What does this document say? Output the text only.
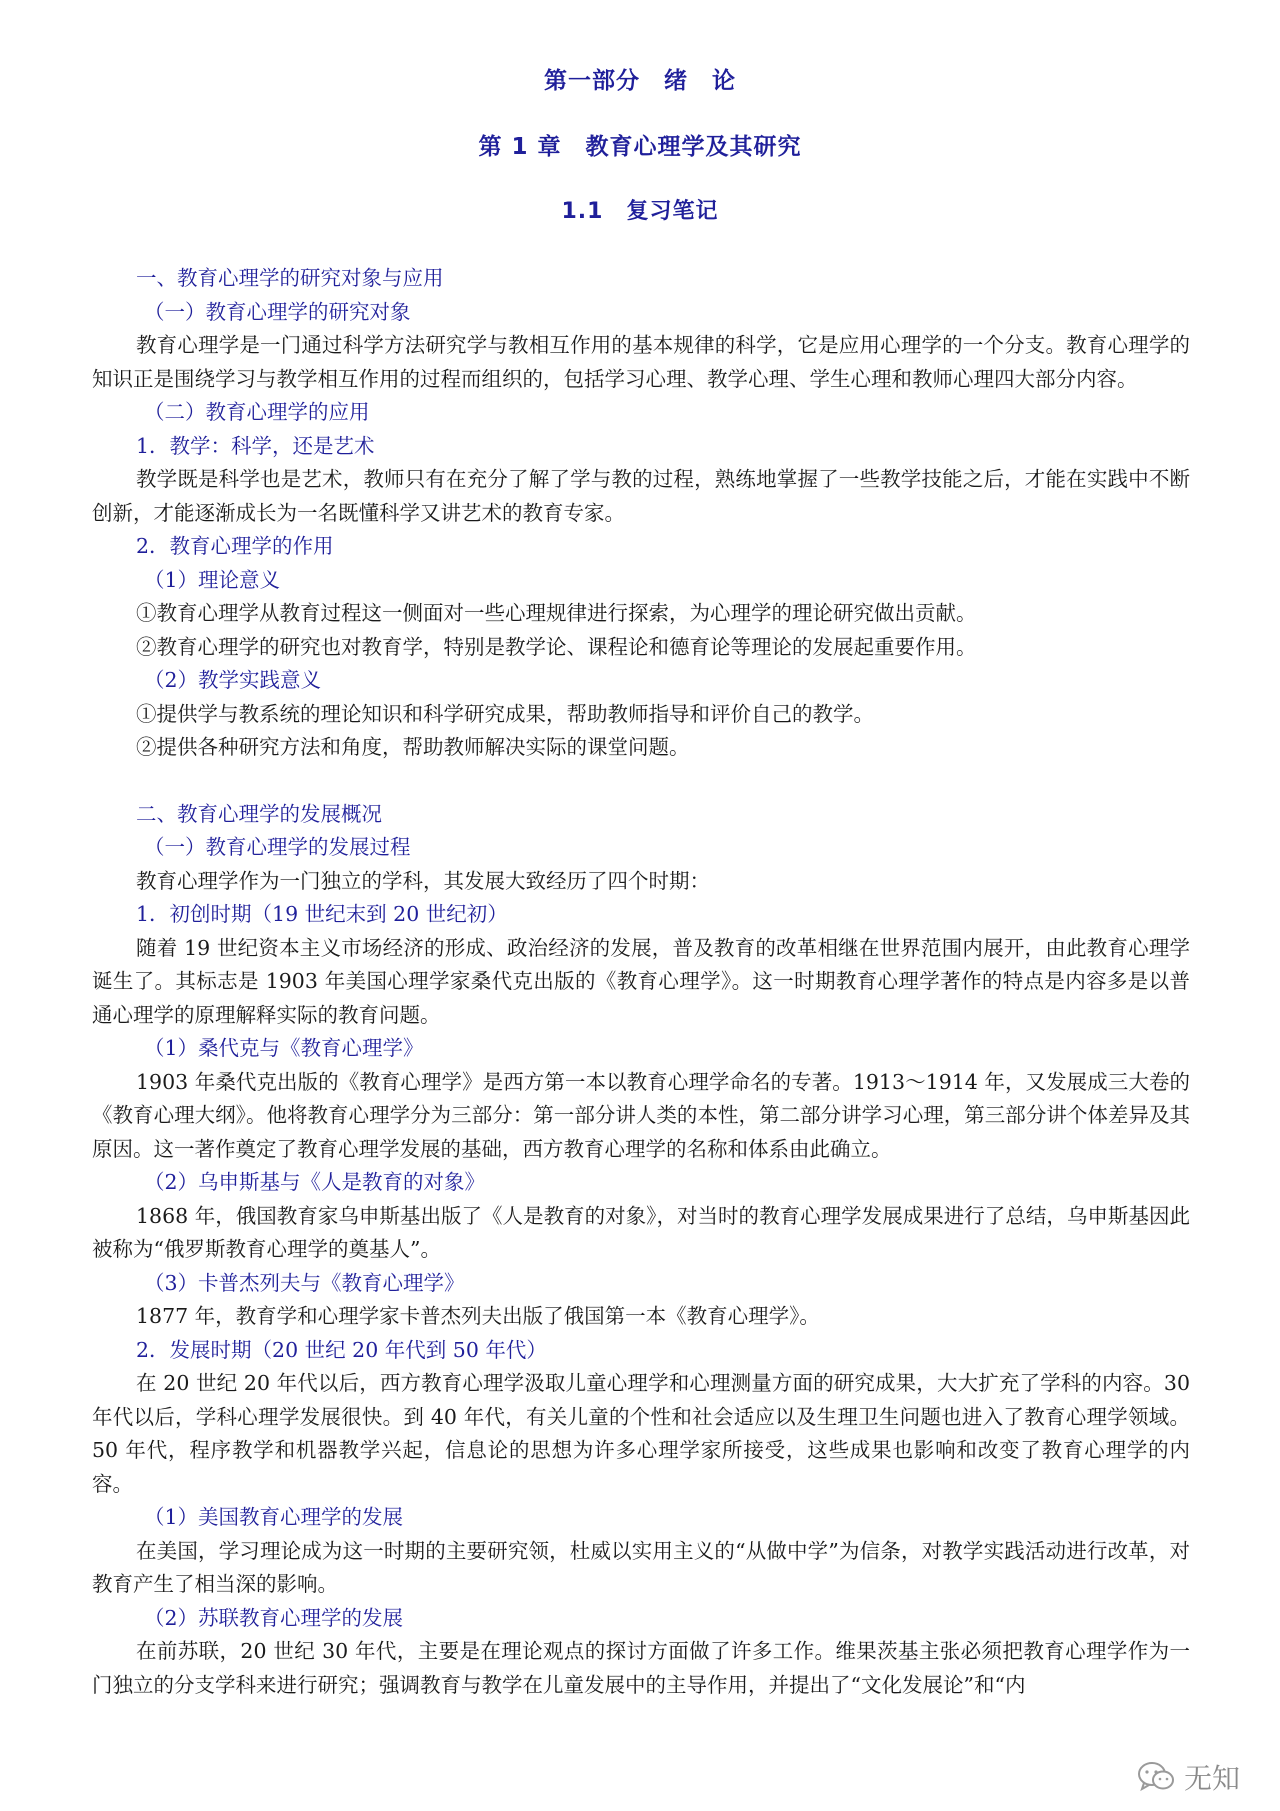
第一部分　绪　论
第 1 章　教育心理学及其研究
1.1　复习笔记
一、教育心理学的研究对象与应用
（一）教育心理学的研究对象
教育心理学是一门通过科学方法研究学与教相互作用的基本规律的科学，它是应用心理学的一个分支。教育心理学的知识正是围绕学习与教学相互作用的过程而组织的，包括学习心理、教学心理、学生心理和教师心理四大部分内容。
（二）教育心理学的应用
1．教学：科学，还是艺术
教学既是科学也是艺术，教师只有在充分了解了学与教的过程，熟练地掌握了一些教学技能之后，才能在实践中不断创新，才能逐渐成长为一名既懂科学又讲艺术的教育专家。
2．教育心理学的作用
（1）理论意义
①教育心理学从教育过程这一侧面对一些心理规律进行探索，为心理学的理论研究做出贡献。
②教育心理学的研究也对教育学，特别是教学论、课程论和德育论等理论的发展起重要作用。
（2）教学实践意义
①提供学与教系统的理论知识和科学研究成果，帮助教师指导和评价自己的教学。
②提供各种研究方法和角度，帮助教师解决实际的课堂问题。
二、教育心理学的发展概况
（一）教育心理学的发展过程
教育心理学作为一门独立的学科，其发展大致经历了四个时期：
1．初创时期（19 世纪末到 20 世纪初）
随着 19 世纪资本主义市场经济的形成、政治经济的发展，普及教育的改革相继在世界范围内展开，由此教育心理学诞生了。其标志是 1903 年美国心理学家桑代克出版的《教育心理学》。这一时期教育心理学著作的特点是内容多是以普通心理学的原理解释实际的教育问题。
（1）桑代克与《教育心理学》
1903 年桑代克出版的《教育心理学》是西方第一本以教育心理学命名的专著。1913～1914 年，又发展成三大卷的《教育心理大纲》。他将教育心理学分为三部分：第一部分讲人类的本性，第二部分讲学习心理，第三部分讲个体差异及其原因。这一著作奠定了教育心理学发展的基础，西方教育心理学的名称和体系由此确立。
（2）乌申斯基与《人是教育的对象》
1868 年，俄国教育家乌申斯基出版了《人是教育的对象》，对当时的教育心理学发展成果进行了总结，乌申斯基因此被称为“俄罗斯教育心理学的奠基人”。
（3）卡普杰列夫与《教育心理学》
1877 年，教育学和心理学家卡普杰列夫出版了俄国第一本《教育心理学》。
2．发展时期（20 世纪 20 年代到 50 年代）
在 20 世纪 20 年代以后，西方教育心理学汲取儿童心理学和心理测量方面的研究成果，大大扩充了学科的内容。30 年代以后，学科心理学发展很快。到 40 年代，有关儿童的个性和社会适应以及生理卫生问题也进入了教育心理学领域。50 年代，程序教学和机器教学兴起，信息论的思想为许多心理学家所接受，这些成果也影响和改变了教育心理学的内容。
（1）美国教育心理学的发展
在美国，学习理论成为这一时期的主要研究领，杜威以实用主义的“从做中学”为信条，对教学实践活动进行改革，对教育产生了相当深的影响。
（2）苏联教育心理学的发展
在前苏联，20 世纪 30 年代，主要是在理论观点的探讨方面做了许多工作。维果茨基主张必须把教育心理学作为一门独立的分支学科来进行研究；强调教育与教学在儿童发展中的主导作用，并提出了“文化发展论”和“内
无知
